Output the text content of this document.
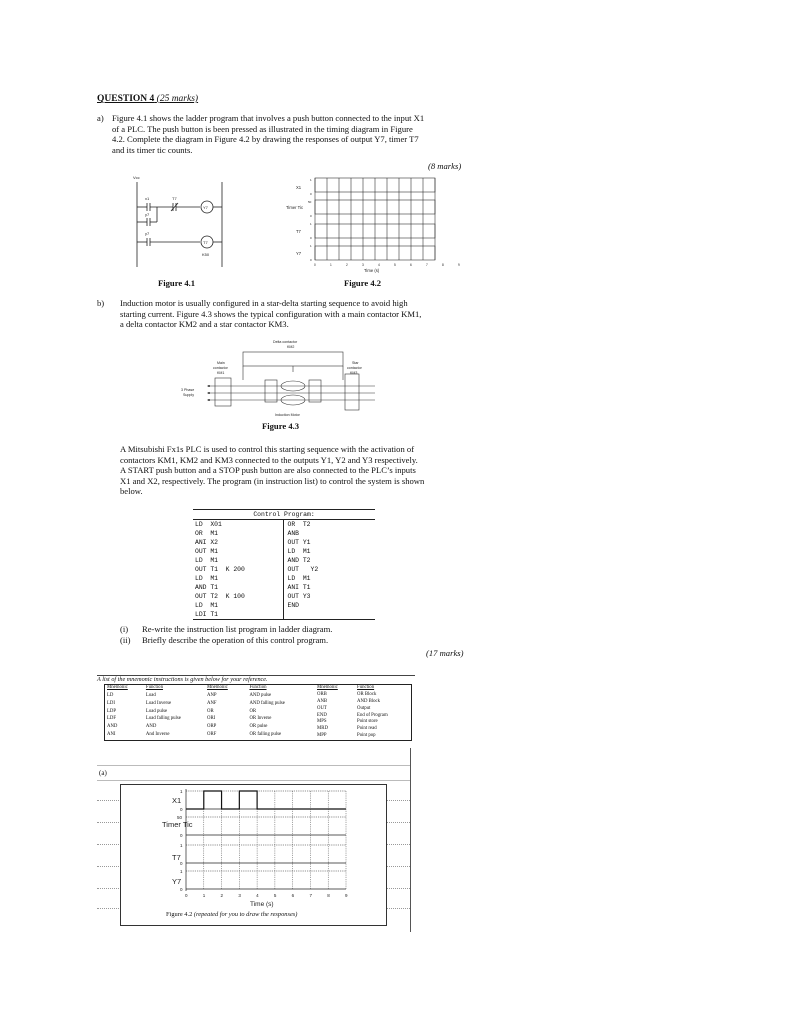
QUESTION 4 (25 marks)
a) Figure 4.1 shows the ladder program that involves a push button connected to the input X1
of a PLC. The push button is been pressed as illustrated in the timing diagram in Figure
4.2. Complete the diagram in Figure 4.2 by drawing the responses of output Y7, timer T7
and its timer tic counts.
(8 marks)
Vcc
x1	T7
y7
y7
Y7
T7
K50
Figure 4.1
X1
Timer Tic
T7
Y7
1
0
50
0
1
0
1
0
Time (s)
0	1	2	3	4	5	6	7	8	9
Figure 4.2
b) Induction motor is usually configured in a star-delta starting sequence to avoid high
starting current. Figure 4.3 shows the typical configuration with a main contactor KM1,
a delta contactor KM2 and a star contactor KM3.
Delta contactor
KM2
Main
contactor
KM1
Star
contactor
KM3
3 Phase
Supply
Induction Motor
Figure 4.3
A Mitsubishi Fx1s PLC is used to control this starting sequence with the activation of
contactors KM1, KM2 and KM3 connected to the outputs Y1, Y2 and Y3 respectively.
A START push button and a STOP push button are also connected to the PLC’s inputs
X1 and X2, respectively. The program (in instruction list) to control the system is shown
below.
Control Program:
LD  X01
OR  M1
ANI X2
OUT M1
LD  M1
OUT T1  K 200
LD  M1
AND T1
OUT T2  K 100
LD  M1
LDI T1
OR  T2
ANB
OUT Y1
LD  M1
AND T2
OUT   Y2
LD  M1
ANI T1
OUT Y3
END
(i) Re-write the instruction list program in ladder diagram.
(ii) Briefly describe the operation of this control program.
(17 marks)
A list of the mnemonic instructions is given below for your reference.
Mnemonic	Function
LD	Load
LDI	Load Inverse
LDP	Load pulse
LDF	Load falling pulse
AND	AND
ANI	And Inverse
Mnemonic	Function
ANP	AND pulse
ANF	AND falling pulse
OR	OR
ORI	OR Inverse
ORP	OR pulse
ORF	OR falling pulse
Mnemonic	Function
ORB	OR Block
ANB	AND Block
OUT	Output
END	End of Program
MPS	Point store
MRD	Point read
MPP	Point pop
(a)
X1
Timer Tic
T7
Y7
1
0
50
0
1
0
1
0
Time (s)
0	1	2	3	4	5	6	7	8	9
Figure 4.2 (repeated for you to draw the responses)
